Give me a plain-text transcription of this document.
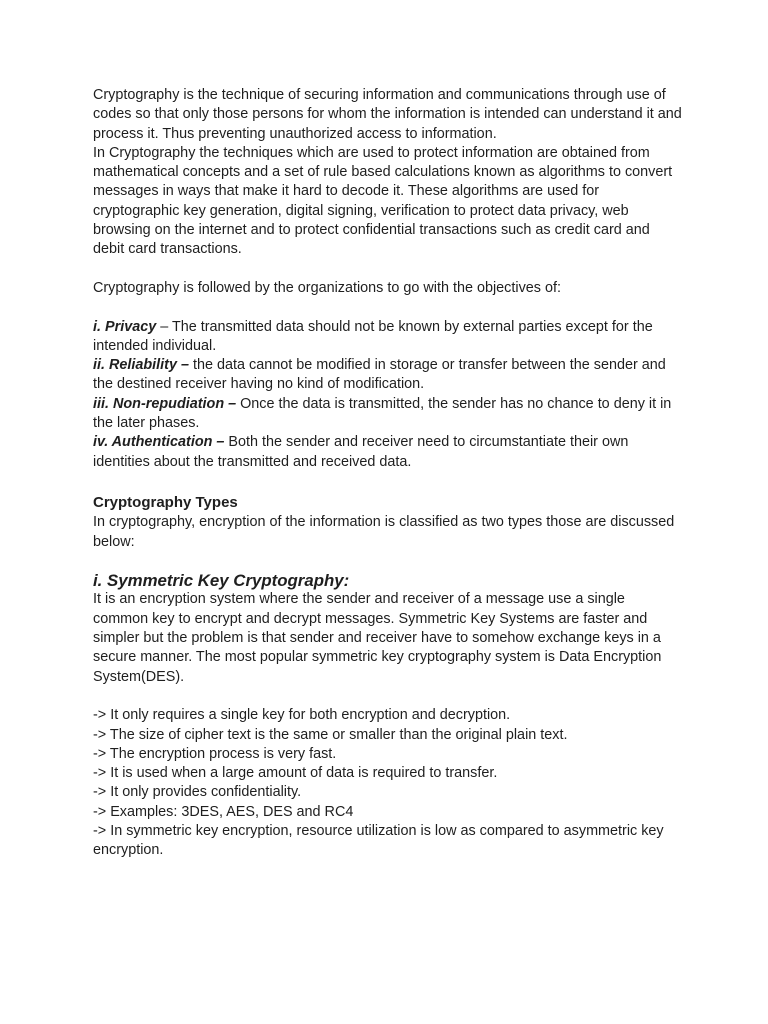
Cryptography is the technique of securing information and communications through use of codes so that only those persons for whom the information is intended can understand it and process it. Thus preventing unauthorized access to information.

In Cryptography the techniques which are used to protect information are obtained from mathematical concepts and a set of rule based calculations known as algorithms to convert messages in ways that make it hard to decode it. These algorithms are used for cryptographic key generation, digital signing, verification to protect data privacy, web browsing on the internet and to protect confidential transactions such as credit card and debit card transactions.

Cryptography is followed by the organizations to go with the objectives of:

i. Privacy – The transmitted data should not be known by external parties except for the intended individual.

ii. Reliability – the data cannot be modified in storage or transfer between the sender and the destined receiver having no kind of modification.

iii. Non-repudiation – Once the data is transmitted, the sender has no chance to deny it in the later phases.

iv. Authentication – Both the sender and receiver need to circumstantiate their own identities about the transmitted and received data.

Cryptography Types

In cryptography, encryption of the information is classified as two types those are discussed below:

i. Symmetric Key Cryptography:

It is an encryption system where the sender and receiver of a message use a single common key to encrypt and decrypt messages. Symmetric Key Systems are faster and simpler but the problem is that sender and receiver have to somehow exchange keys in a secure manner. The most popular symmetric key cryptography system is Data Encryption System(DES).

-> It only requires a single key for both encryption and decryption.

-> The size of cipher text is the same or smaller than the original plain text.

-> The encryption process is very fast.

-> It is used when a large amount of data is required to transfer.

-> It only provides confidentiality.

-> Examples: 3DES, AES, DES and RC4

-> In symmetric key encryption, resource utilization is low as compared to asymmetric key encryption.
